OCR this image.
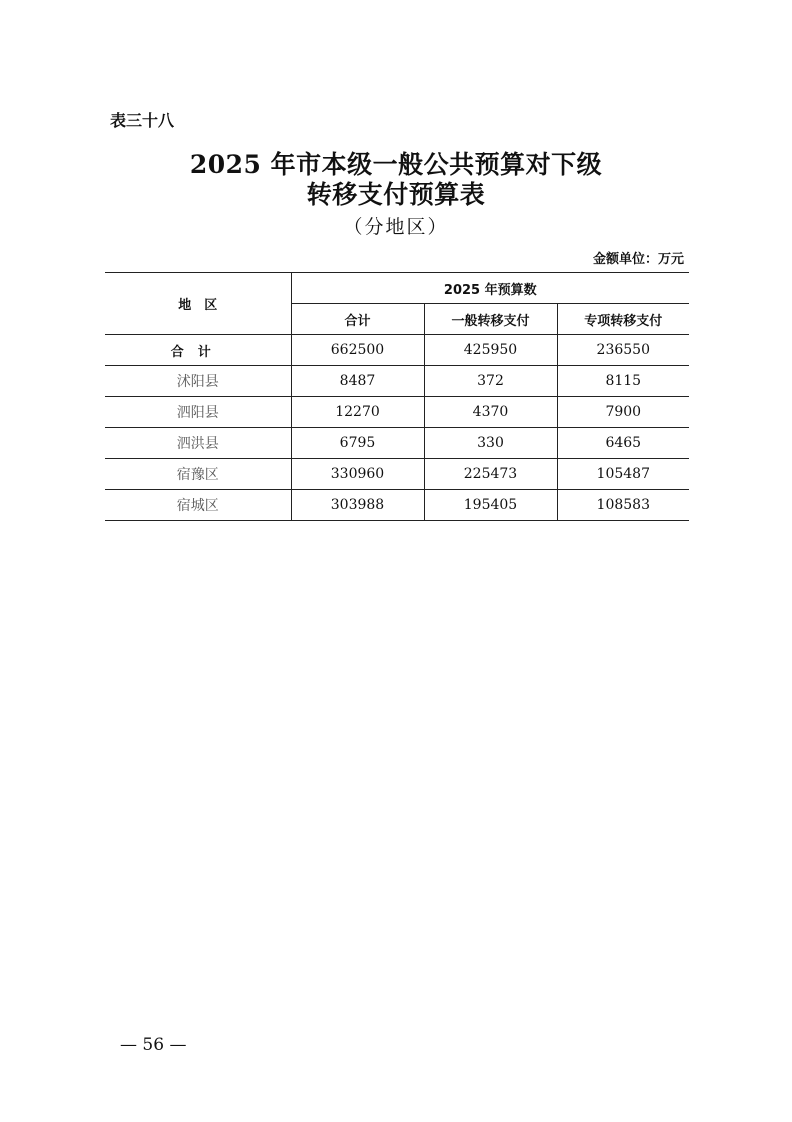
表三十八
2025 年市本级一般公共预算对下级
转移支付预算表
（分地区）
金额单位：万元
地　区	2025 年预算数		
	合计	一般转移支付	专项转移支付
合计	662500	425950	236550
沭阳县	8487	372	8115
泗阳县	12270	4370	7900
泗洪县	6795	330	6465
宿豫区	330960	225473	105487
宿城区	303988	195405	108583
— 56 —
